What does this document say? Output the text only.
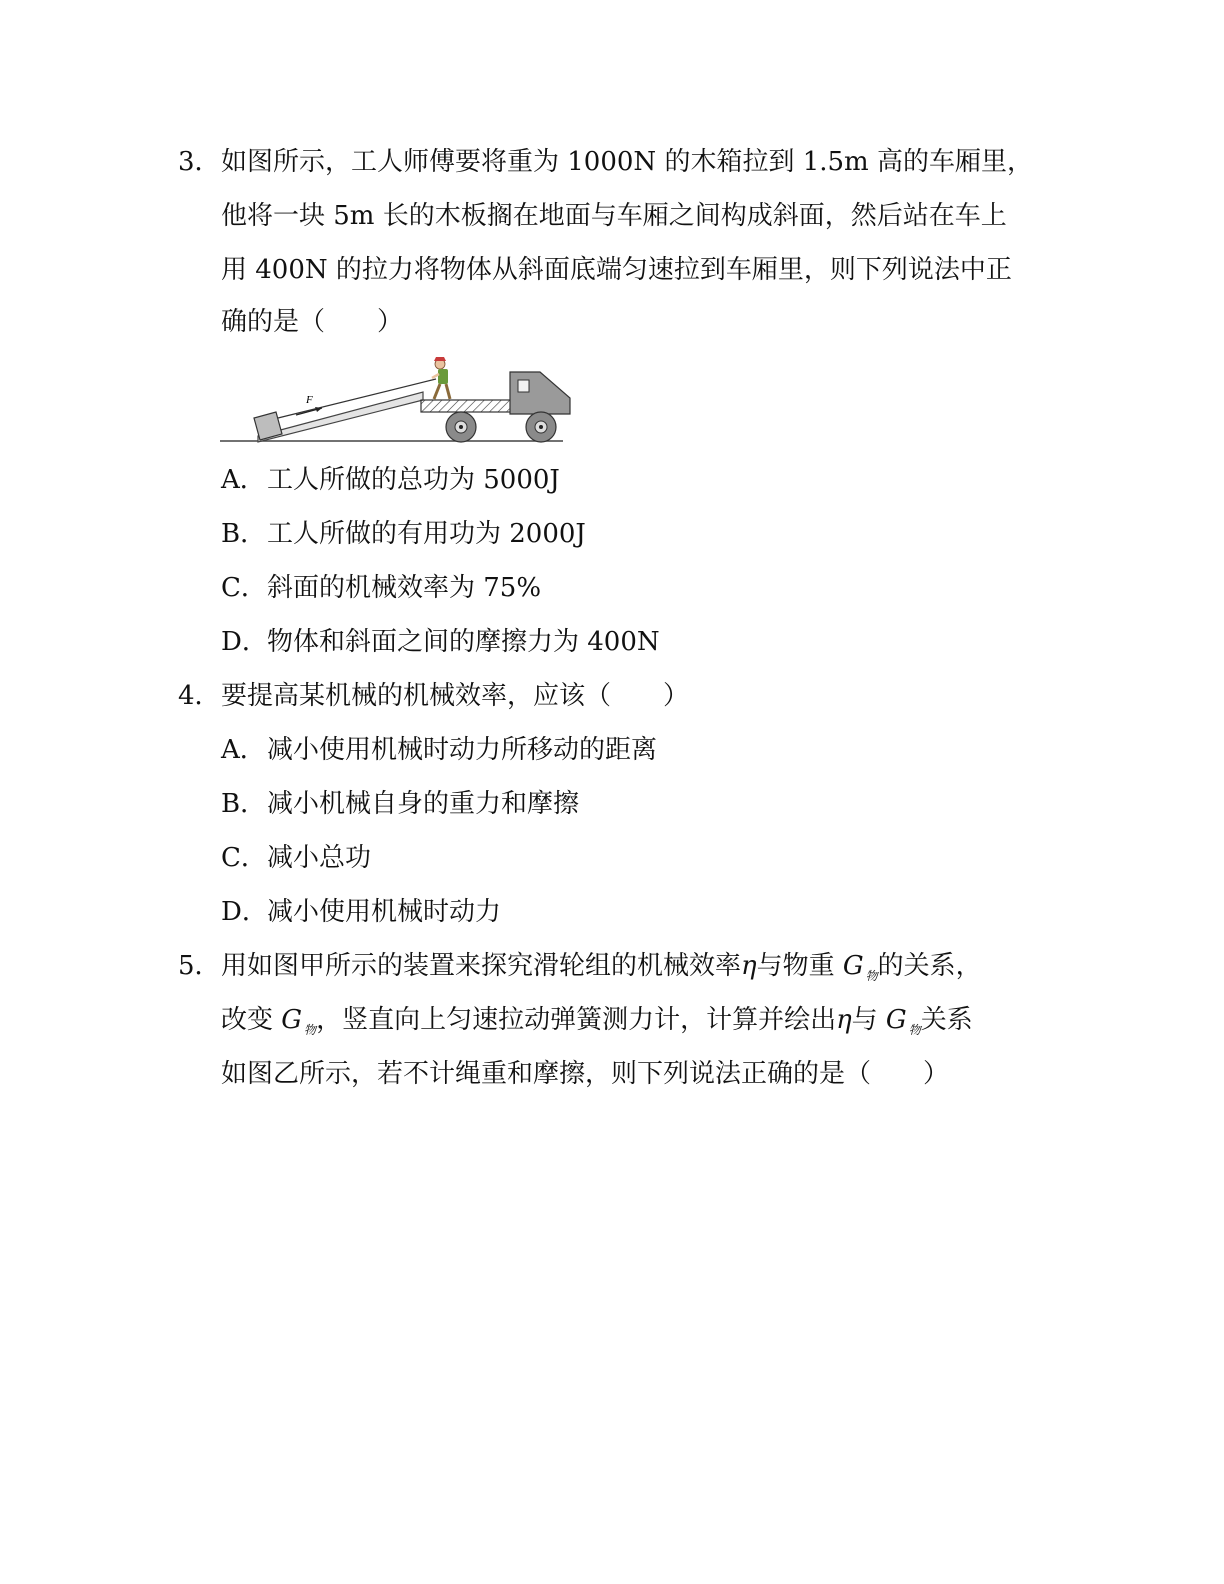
3． 如图所示，工人师傅要将重为 1000N 的木箱拉到 1.5m 高的车厢里，
他将一块 5m 长的木板搁在地面与车厢之间构成斜面，然后站在车上
用 400N 的拉力将物体从斜面底端匀速拉到车厢里，则下列说法中正
确的是（　　）
F
A．工人所做的总功为 5000J
B．工人所做的有用功为 2000J
C．斜面的机械效率为 75%
D．物体和斜面之间的摩擦力为 400N
4． 要提高某机械的机械效率，应该（　　）
A．减小使用机械时动力所移动的距离
B．减小机械自身的重力和摩擦
C．减小总功
D．减小使用机械时动力
5． 用如图甲所示的装置来探究滑轮组的机械效率η与物重 G $_物$的关系，
改变 G $_物$，竖直向上匀速拉动弹簧测力计，计算并绘出η与 G $_物$关系
如图乙所示，若不计绳重和摩擦，则下列说法正确的是（　　）
